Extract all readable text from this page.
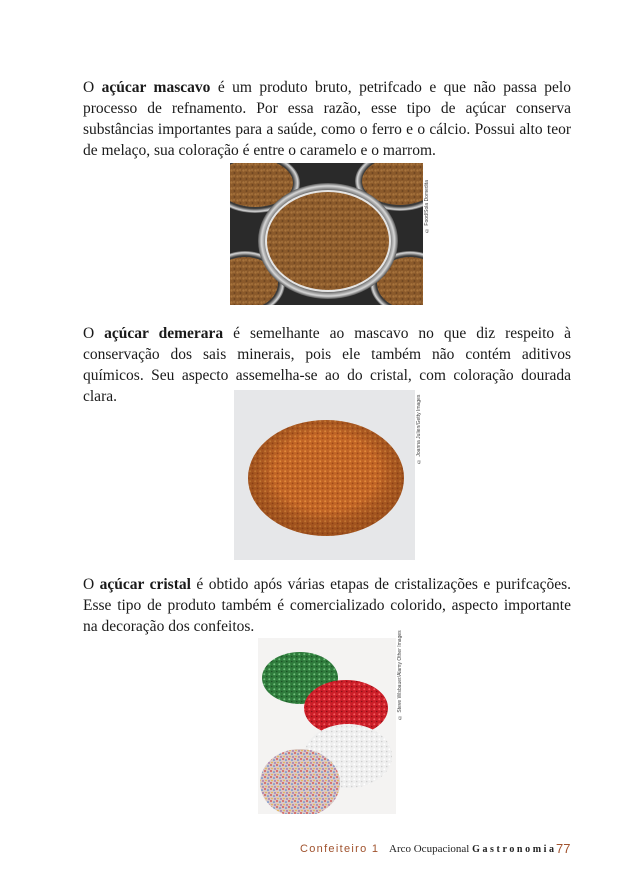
O açúcar mascavo é um produto bruto, petrifcado e que não passa pelo processo de refnamento. Por essa razão, esse tipo de açúcar conserva substâncias importantes para a saúde, como o ferro e o cálcio. Possui alto teor de melaço, sua coloração é entre o caramelo e o marrom.
© Food/Sola Domedita
O açúcar demerara é semelhante ao mascavo no que diz respeito à conservação dos sais minerais, pois ele também não contém aditivos químicos. Seu aspecto assemelha-se ao do cristal, com coloração dourada clara.	© Joanna Julien/Getty Images
O açúcar cristal é obtido após várias etapas de cristalizações e purifcações. Esse tipo de produto também é comercializado colorido, aspecto importante na decoração dos confeitos.
© Steve Wisbauer/Alamy Other Images
Confeiteiro 1 Arco Ocupacional Gastronomia 77
